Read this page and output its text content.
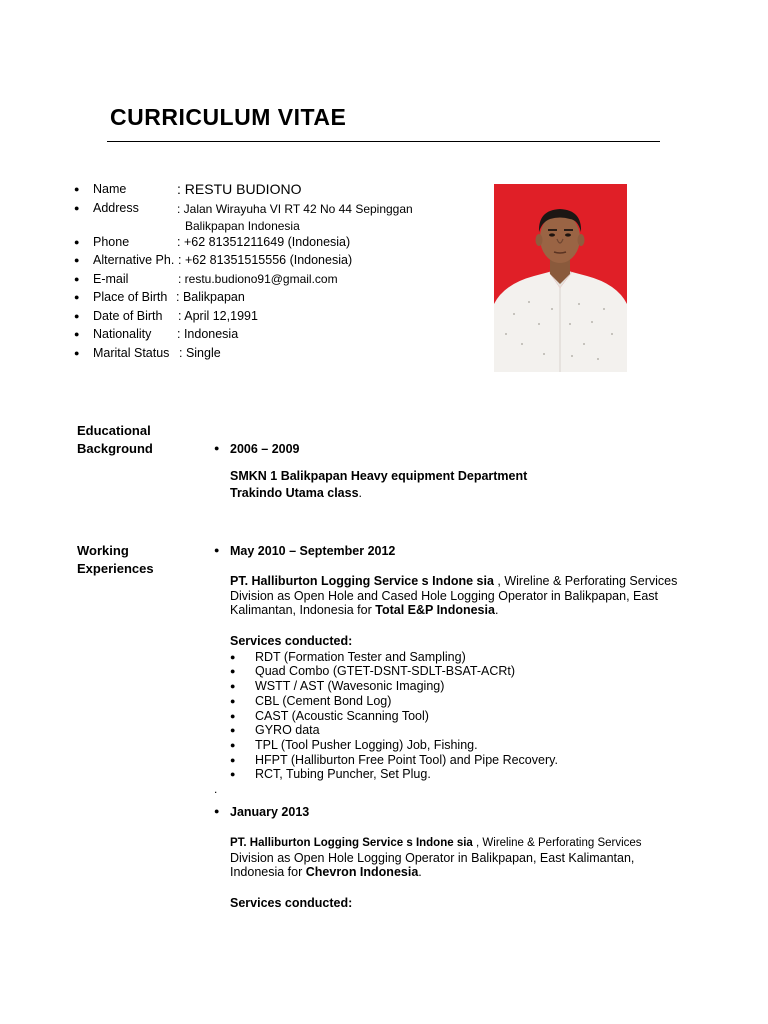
CURRICULUM VITAE
● Name	: RESTU BUDIONO
● Address	: Jalan Wirayuha VI RT 42 No 44 Sepinggan
Balikpapan Indonesia
● Phone	: +62 81351211649 (Indonesia)
● Alternative Ph. : +62 81351515556 (Indonesia)
● E-mail	: restu.budiono91@gmail.com
● Place of Birth : Balikpapan
● Date of Birth : April 12,1991
● Nationality : Indonesia
● Marital Status : Single
Educational
Background	● 2006 – 2009
SMKN 1 Balikpapan Heavy equipment Department
Trakindo Utama class.
Working
Experiences
● May 2010 – September 2012
PT. Halliburton Logging Service s Indone sia , Wireline & Perforating Services Division as Open Hole and Cased Hole Logging Operator in Balikpapan, East Kalimantan, Indonesia for Total E&P Indonesia.
Services conducted:
● RDT (Formation Tester and Sampling)
● Quad Combo (GTET-DSNT-SDLT-BSAT-ACRt)
● WSTT / AST (Wavesonic Imaging)
● CBL (Cement Bond Log)
● CAST (Acoustic Scanning Tool)
● GYRO data
● TPL (Tool Pusher Logging) Job, Fishing.
● HFPT (Halliburton Free Point Tool) and Pipe Recovery.
● RCT, Tubing Puncher, Set Plug.
.
● January 2013
PT. Halliburton Logging Service s Indone sia , Wireline & Perforating Services
Division as Open Hole Logging Operator in Balikpapan, East Kalimantan, Indonesia for Chevron Indonesia.
Services conducted:
